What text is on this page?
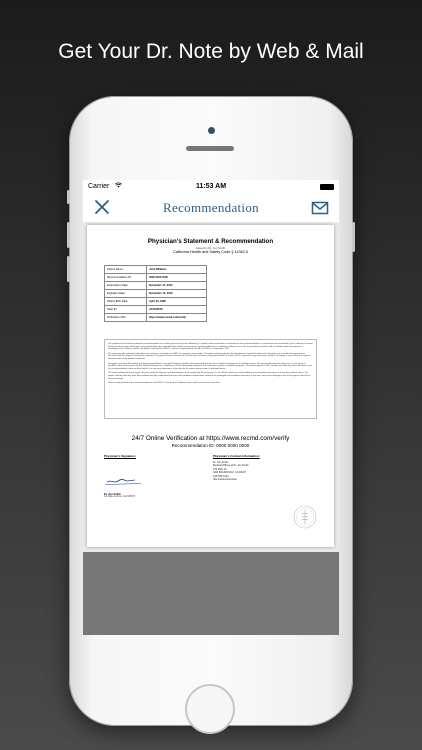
Get Your Dr. Note by Web & Mail
Carrier	11:53 AM
Recommendation
Physician's Statement & Recommendation
issued by Dr. Jon Smith
California Health and Safety Code § 11362.5
Patient Name:	John Williams
Recommendation ID:	0000 0000 0000
Examination Date:	November 14, 2015
Expiration Date:	November 15, 2016
Patient Birth Date:	April 20, 1980
State ID:	A12345678
Verification URL:	https://www.recmd.com/verify

The purpose of this medical marijuana recommendation is to clearly represent that the individual (i.e. patient) whose information is indicated on this recommendation is a patient who was evaluated by the California Licensed Physician whose name and license are printed below, who concluded that, based on the patient's medical problems (i.e. medical conditions), he or she is permitted to possess and to cultivate medical marijuana in accordance with California Health and Safety Code Section 11362.5, and the Compassionate Use Act of 1996 (i.e. Proposition 215).

The physician who evaluated said patient acts only as a consultant and NOT as a primary care provider. The patient confirms the fact that the potential medical benefits and risks of the use of medical marijuana were discussed with the physician during the evaluation. The patient further confirms the fact that they have been clearly informed NOT to drive, NOT to operate heavy machinery, and NOT to engage in any activity that requires alertness while using medical marijuana.

The patient assumes full medical and legal responsibility for any and all legal and health risks associated with the use of medical marijuana as a treatment option. The patient authorizes the physician (i.e. the office of RecMD) to discuss the issues of their medical problems (i.e. conditions) and the information contained in this document only for verification purposes. The patient agrees to NOT transfer, nor allow any other individual to use this recommendation, either on their behalf, or in any way whatsoever, other than by the patient whose name is indicated herein.

The patient understands and agrees that this medical marijuana recommendation can be revoked by the physician (i.e. the office) if said terms and conditions are violated by the patient or at any time without notice. The patient confirms that they have been advised and fully understand the terms and conditions stated above, and that the prolonged use of medical marijuana, if any form, may cause damage to any of the organs and cells of the human body.

Patient understands that this recommendation is valid ONLY in the State of California and is void if used across state lines.

24/7 Online Verification at https://www.recmd.com/verify
Recommendation ID: 0000 0000 0000
Physician's Signature:	Physician's Contact Information:
Dr. Jon Smith
Medical Offices of Dr. Jon Smith
123 Main St.
SAN FRANCISCO, CA 94107
415-555-1234
http://www.www.www
Dr. Jon Smith
CA State License: G12345678
